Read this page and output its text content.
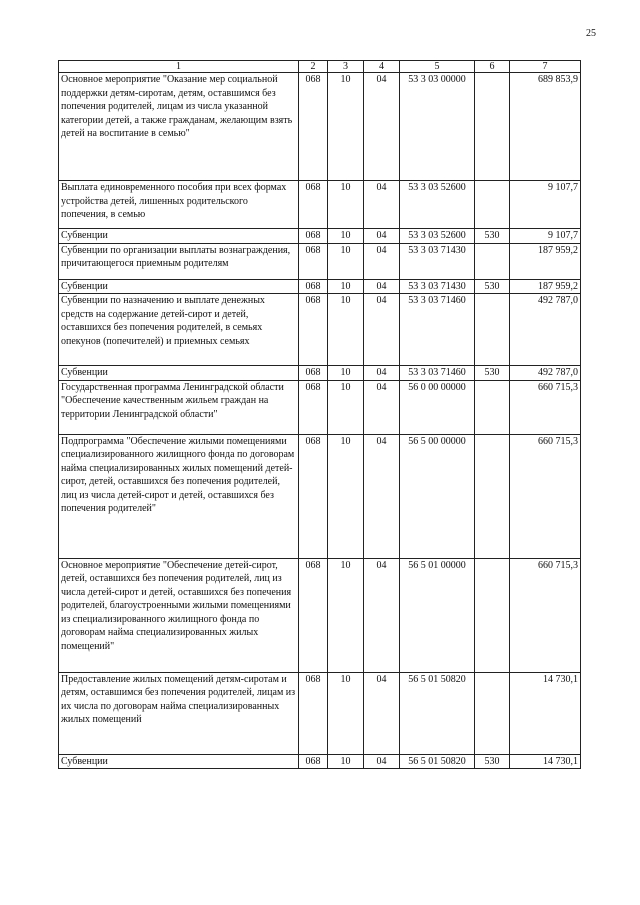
25
1	2	3	4	5	6	7
Основное мероприятие "Оказание мер социальной поддержки детям-сиротам, детям, оставшимся без попечения родителей, лицам из числа указанной категории детей, а также гражданам, желающим взять детей на воспитание в семью"	068	10	04	53 3 03 00000		689 853,9
Выплата единовременного пособия при всех формах устройства детей, лишенных родительского попечения, в семью	068	10	04	53 3 03 52600		9 107,7
Субвенции	068	10	04	53 3 03 52600	530	9 107,7
Субвенции по организации выплаты вознаграждения, причитающегося приемным родителям	068	10	04	53 3 03 71430		187 959,2
Субвенции	068	10	04	53 3 03 71430	530	187 959,2
Субвенции по назначению и выплате денежных средств на содержание детей-сирот и детей, оставшихся без попечения родителей, в семьях опекунов (попечителей) и приемных семьях	068	10	04	53 3 03 71460		492 787,0
Субвенции	068	10	04	53 3 03 71460	530	492 787,0
Государственная программа Ленинградской области "Обеспечение качественным жильем граждан на территории Ленинградской области"	068	10	04	56 0 00 00000		660 715,3
Подпрограмма "Обеспечение жилыми помещениями специализированного жилищного фонда по договорам найма специализированных жилых помещений детей-сирот, детей, оставшихся без попечения родителей, лиц из числа детей-сирот и детей, оставшихся без попечения родителей"	068	10	04	56 5 00 00000		660 715,3
Основное мероприятие "Обеспечение детей-сирот, детей, оставшихся без попечения родителей, лиц из числа детей-сирот и детей, оставшихся без попечения родителей, благоустроенными жилыми помещениями из специализированного жилищного фонда по договорам найма специализированных жилых помещений"	068	10	04	56 5 01 00000		660 715,3
Предоставление жилых помещений детям-сиротам и детям, оставшимся без попечения родителей, лицам из их числа по договорам найма специализированных жилых помещений	068	10	04	56 5 01 50820		14 730,1
Субвенции	068	10	04	56 5 01 50820	530	14 730,1
